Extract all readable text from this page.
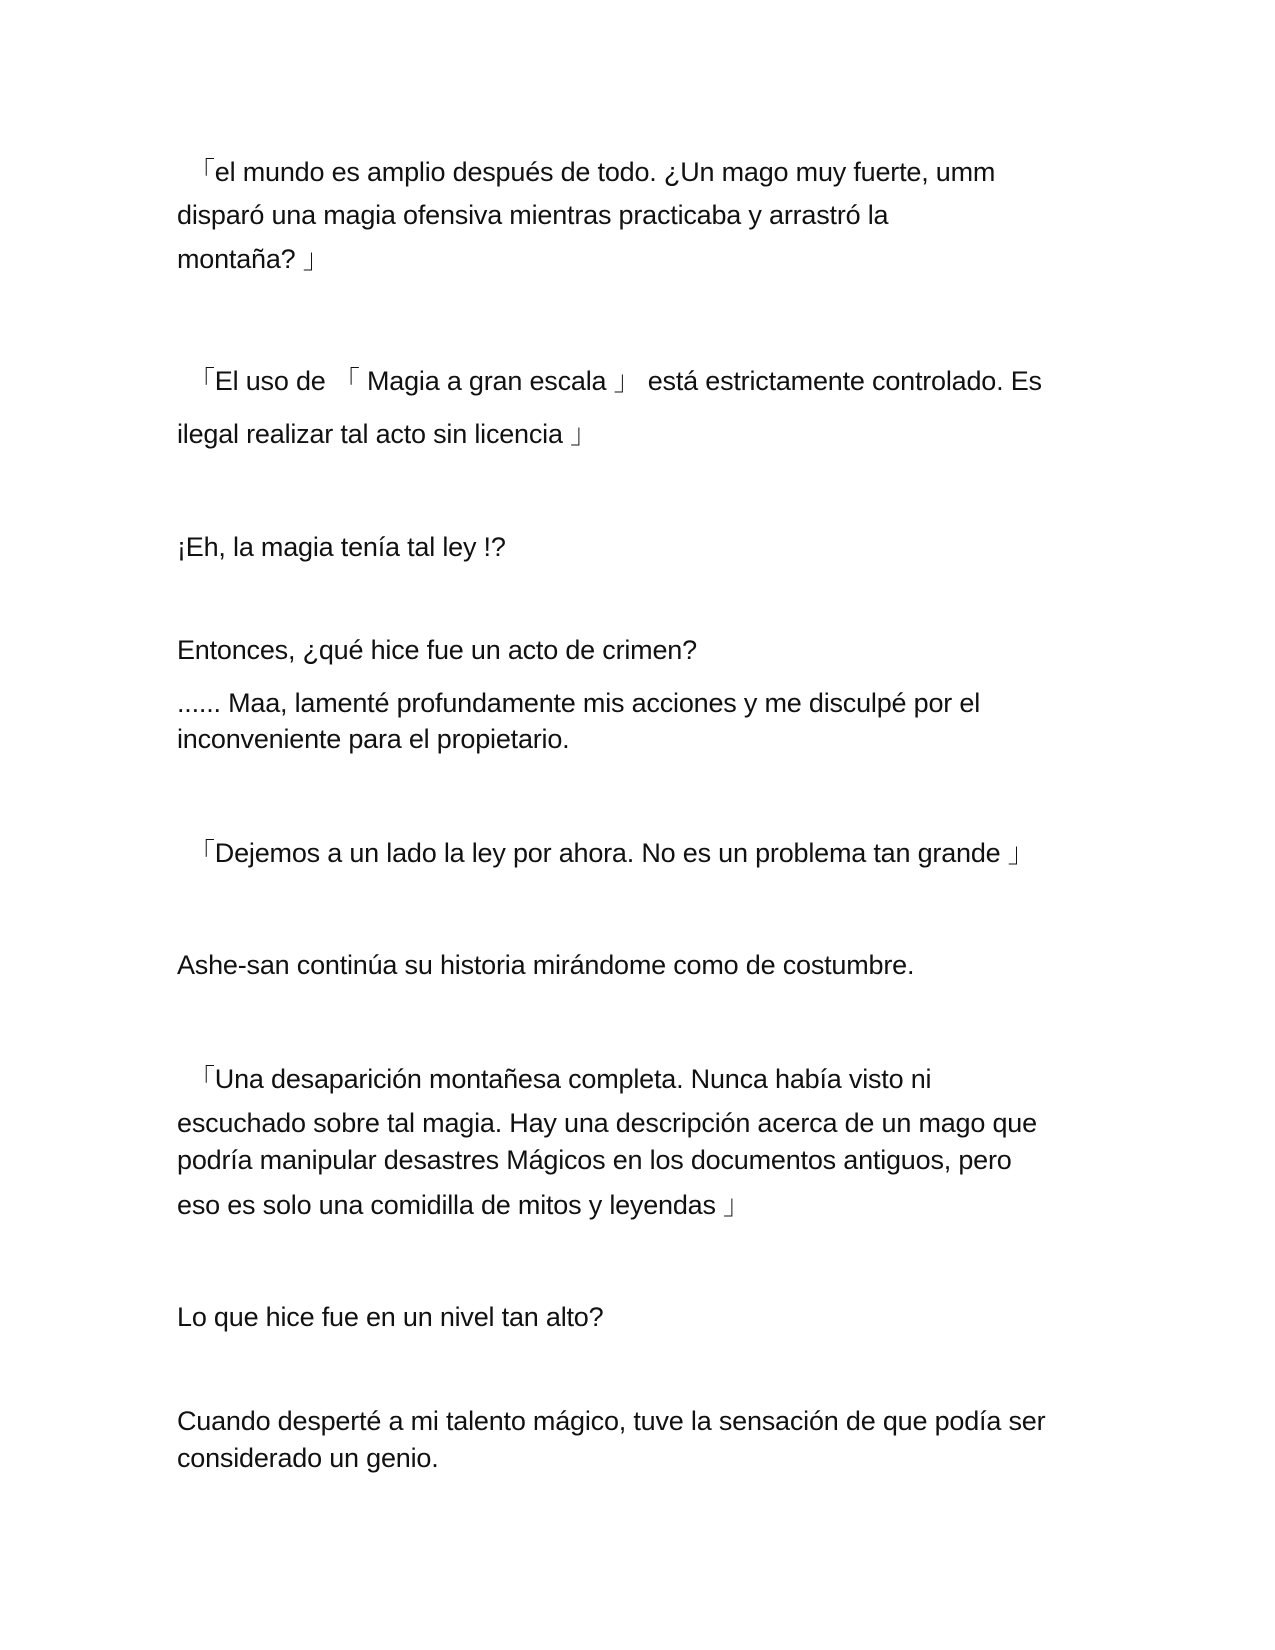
「el mundo es amplio después de todo. ¿Un mago muy fuerte, umm

disparó una magia ofensiva mientras practicaba y arrastró la

montaña? 」

「El uso de 「 Magia a gran escala 」 está estrictamente controlado. Es

ilegal realizar tal acto sin licencia 」

¡Eh, la magia tenía tal ley !?

Entonces, ¿qué hice fue un acto de crimen?

...... Maa, lamenté profundamente mis acciones y me disculpé por el

inconveniente para el propietario.

「Dejemos a un lado la ley por ahora. No es un problema tan grande 」

Ashe-san continúa su historia mirándome como de costumbre.

「Una desaparición montañesa completa. Nunca había visto ni

escuchado sobre tal magia. Hay una descripción acerca de un mago que

podría manipular desastres Mágicos en los documentos antiguos, pero

eso es solo una comidilla de mitos y leyendas 」

Lo que hice fue en un nivel tan alto?

Cuando desperté a mi talento mágico, tuve la sensación de que podía ser

considerado un genio.
